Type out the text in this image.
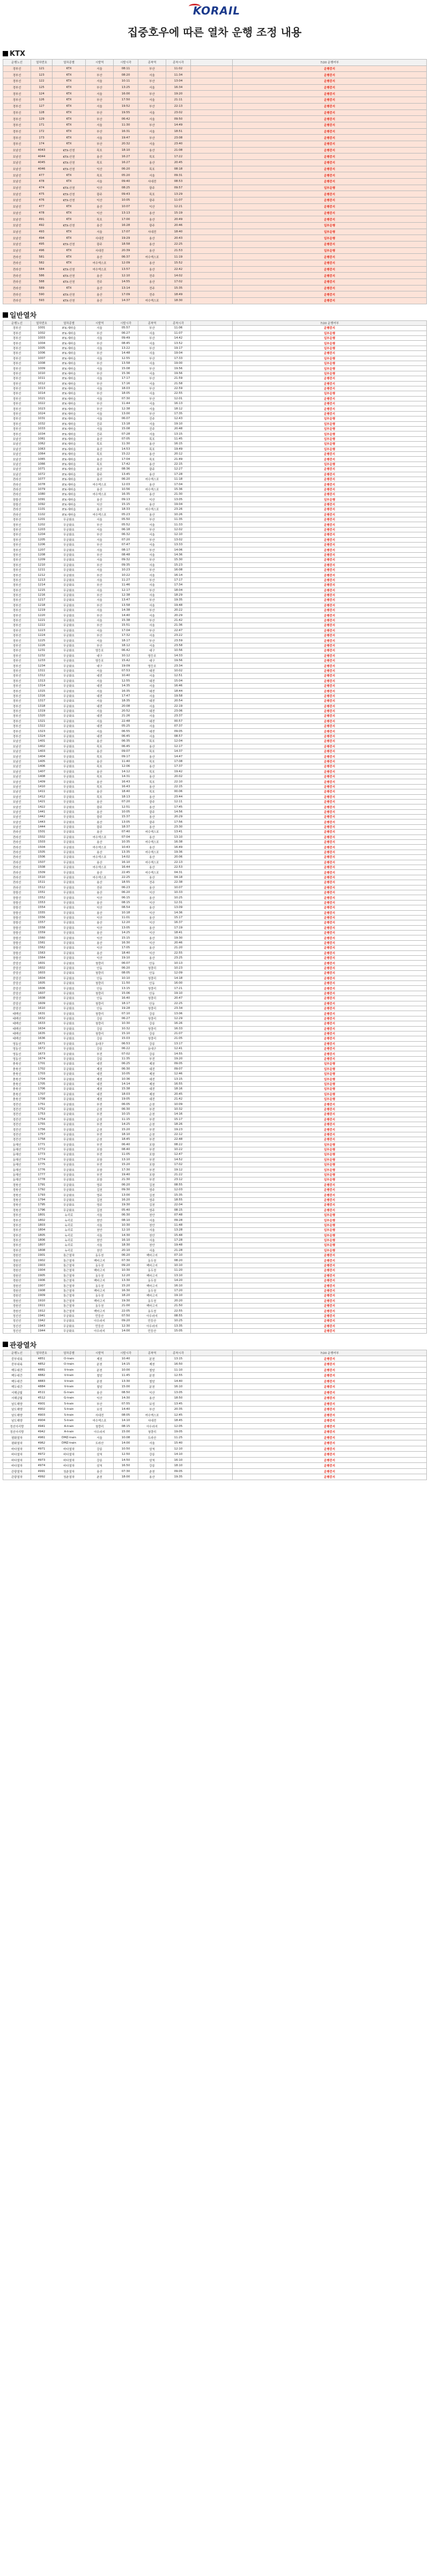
KORAIL
집중호우에 따른 열차 운행 조정 내용
KTX
운행노선	열차번호	열차종별	시발역	시발시각	종착역	종착시각		7/20 운행여부
경부선	121	KTX	서울	08:11	부산	11:02		운행중지
경부선	123	KTX	부산	08:20	서울	11:34		운행중지
경부선	122	KTX	서울	10:11	부산	13:04		운행중지
경부선	125	KTX	부산	13:25	서울	16:34		운행중지
경부선	124	KTX	서울	16:00	부산	19:20		운행중지
경부선	126	KTX	부산	17:50	서울	21:11		운행중지
경부선	127	KTX	서울	19:52	부산	22:13		운행중지
경부선	128	KTX	부산	19:55	서울	23:02		운행중지
경부선	129	KTX	부산	06:42	서울	09:50		운행중지
경부선	171	KTX	서울	11:30	부산	14:49		운행중지
경부선	172	KTX	부산	16:31	서울	18:51		운행중지
경부선	173	KTX	서울	19:47	부산	23:08		운행중지
경부선	174	KTX	부산	20:32	서울	23:40		운행중지
호남선	4043	KTX-산천	목포	18:10	용산	21:08		운행중지
호남선	4044	KTX-산천	용산	16:27	목포	17:22		운행중지
호남선	4045	KTX-산천	목포	16:27	용산	20:45		운행중지
호남선	4046	KTX-산천	익산	06:20	목포	08:18		운행중지
호남선	477	KTX	목포	05:20	서울	09:31		운행중지
호남선	478	KTX	서울	09:40	서대전	08:53		운행중지
호남선	474	KTX-산천	익산	08:25	광주	09:57		일부운행
호남선	475	KTX-산천	광주	09:43	목포	13:29		운행중지
호남선	476	KTX-산천	익산	10:05	광주	11:07		운행중지
호남선	477	KTX	용산	10:07	익산	12:21		운행중지
호남선	478	KTX	익산	13:13	용산	15:19		운행중지
호남선	491	KTX	목포	17:00	용산	20:49		운행중지
호남선	492	KTX-산천	용산	16:28	광주	20:46		일부운행
호남선	493	KTX	서울	17:07	서대전	18:40		일부운행
호남선	494	KTX	서대전	19:29	용산	20:43		일부운행
호남선	495	KTX-산천	광주	18:58	용산	22:25		운행중지
호남선	496	KTX	서대전	20:39	용산	21:53		일부운행
전라선	581	KTX	용산	06:37	여수엑스포	11:19		운행중지
전라선	582	KTX	여수엑스포	12:09	용산	15:52		운행중지
전라선	584	KTX-산천	여수엑스포	13:57	용산	22:42		운행중지
전라선	586	KTX-산천	용산	12:10	전주	14:02		운행중지
전라선	588	KTX-산천	전주	14:55	용산	17:02		운행중지
전라선	589	KTX	용산	13:14	전주	15:35		운행중지
전라선	590	KTX-산천	용산	17:09	전주	18:49		운행중지
전라선	593	KTX-산천	용산	14:37	여수엑스포	18:30		운행중지
일반열차
운행노선	열차번호	열차종별	시발역	시발시각	종착역	종착시각		7/20 운행여부
경부선	1001	ITX-새마을	서울	05:57	부산	11:06		운행중지
경부선	1002	ITX-새마을	부산	06:27	서울	11:07		일부운행
경부선	1003	ITX-새마을	서울	09:49	부산	14:42		일부운행
경부선	1004	ITX-새마을	부산	08:45	서울	13:52		일부운행
경부선	1005	ITX-새마을	서울	13:22	부산	19:17		일부운행
경부선	1006	ITX-새마을	부산	14:48	서울	19:04		운행중지
경부선	1007	ITX-새마을	서울	12:55	부산	17:33		일부운행
경부선	1008	ITX-새마을	부산	13:58	서울	19:00		일부운행
경부선	1009	ITX-새마을	서울	15:08	부산	19:56		일부운행
경부선	1010	ITX-새마을	부산	15:36	서울	19:56		일부운행
경부선	1011	ITX-새마을	서울	17:17	부산	21:59		운행중지
경부선	1012	ITX-새마을	부산	17:16	서울	21:58		운행중지
경부선	1013	ITX-새마을	서울	18:03	부산	22:59		운행중지
경부선	1014	ITX-새마을	부산	18:05	서울	22:55		일부운행
경부선	1021	ITX-새마을	서울	07:30	부산	12:01		운행중지
경부선	1022	ITX-새마을	부산	11:44	서울	16:13		운행중지
경부선	1023	ITX-새마을	부산	12:38	서울	18:12		운행중지
경부선	1024	ITX-새마을	서울	13:00	부산	17:35		운행중지
경부선	1031	ITX-새마을	서울	06:07	진주	12:43		일부운행
경부선	1032	ITX-새마을	진주	13:18	서울	19:10		일부운행
경부선	1033	ITX-새마을	서울	15:08	진주	20:48		일부운행
경부선	1034	ITX-새마을	진주	07:28	서울	13:15		일부운행
호남선	1061	ITX-새마을	용산	07:05	목포	11:45		일부운행
호남선	1062	ITX-새마을	목포	11:30	용산	16:15		일부운행
호남선	1063	ITX-새마을	용산	14:53	목포	19:49		일부운행
호남선	1064	ITX-새마을	목포	15:22	용산	20:12		운행중지
호남선	1065	ITX-새마을	용산	17:04	목포	21:49		운행중지
호남선	1066	ITX-새마을	목포	17:42	용산	22:15		일부운행
호남선	1071	ITX-새마을	용산	08:36	광주	12:27		운행중지
호남선	1072	ITX-새마을	광주	13:45	용산	17:28		운행중지
전라선	1077	ITX-새마을	용산	06:20	여수엑스포	11:18		운행중지
전라선	1078	ITX-새마을	여수엑스포	12:03	용산	17:04		운행중지
전라선	1079	ITX-새마을	용산	10:56	여수엑스포	15:36		운행중지
전라선	1080	ITX-새마을	여수엑스포	16:35	용산	21:30		운행중지
장항선	1091	ITX-새마을	용산	09:13	익산	13:05		일부운행
장항선	1092	ITX-새마을	익산	15:15	용산	19:04		운행중지
전라선	1101	ITX-새마을	용산	18:33	여수엑스포	23:26		운행중지
전라선	1102	ITX-새마을	여수엑스포	05:23	용산	10:26		운행중지
경부선	1201	무궁화호	서울	05:50	부산	11:35		운행중지
경부선	1202	무궁화호	부산	05:52	서울	11:33		운행중지
경부선	1203	무궁화호	서울	06:18	부산	12:02		운행중지
경부선	1204	무궁화호	부산	06:32	서울	12:10		운행중지
경부선	1205	무궁화호	서울	07:20	부산	13:02		운행중지
경부선	1206	무궁화호	부산	07:47	서울	13:33		운행중지
경부선	1207	무궁화호	서울	08:17	부산	14:06		운행중지
경부선	1208	무궁화호	부산	08:48	서울	14:36		운행중지
경부선	1209	무궁화호	서울	09:32	부산	15:30		운행중지
경부선	1210	무궁화호	부산	09:35	서울	15:23		운행중지
경부선	1211	무궁화호	서울	10:23	부산	16:08		운행중지
경부선	1212	무궁화호	부산	10:22	서울	16:14		운행중지
경부선	1213	무궁화호	서울	11:27	부산	17:17		운행중지
경부선	1214	무궁화호	부산	11:46	서울	17:34		운행중지
경부선	1215	무궁화호	서울	12:17	부산	18:04		운행중지
경부선	1216	무궁화호	부산	12:38	서울	18:29		운행중지
경부선	1217	무궁화호	서울	13:47	부산	19:35		운행중지
경부선	1218	무궁화호	부산	13:58	서울	19:48		운행중지
경부선	1219	무궁화호	서울	14:38	부산	20:22		운행중지
경부선	1220	무궁화호	부산	14:40	서울	20:29		운행중지
경부선	1221	무궁화호	서울	15:38	부산	21:42		운행중지
경부선	1222	무궁화호	부산	15:51	서울	21:36		운행중지
경부선	1223	무궁화호	서울	17:04	부산	22:47		운행중지
경부선	1224	무궁화호	부산	17:32	서울	23:22		운행중지
경부선	1225	무궁화호	서울	18:17	부산	23:59		운행중지
경부선	1226	무궁화호	부산	18:12	서울	23:58		운행중지
경부선	1231	무궁화호	영등포	06:42	대구	10:56		운행중지
경부선	1232	무궁화호	대구	10:12	영등포	14:33		운행중지
경부선	1233	무궁화호	영등포	15:42	대구	19:56		운행중지
경부선	1234	무궁화호	대구	19:09	영등포	23:34		운행중지
경부선	1311	무궁화호	서울	07:53	대전	10:02		운행중지
경부선	1312	무궁화호	대전	10:40	서울	12:51		운행중지
경부선	1313	무궁화호	서울	12:55	대전	15:04		운행중지
경부선	1314	무궁화호	대전	14:35	서울	16:46		운행중지
경부선	1315	무궁화호	서울	16:35	대전	18:44		운행중지
경부선	1316	무궁화호	대전	17:47	서울	19:58		운행중지
경부선	1317	무궁화호	서울	18:35	대전	20:54		운행중지
경부선	1318	무궁화호	대전	20:08	서울	22:19		운행중지
경부선	1319	무궁화호	서울	20:52	대전	23:06		운행중지
경부선	1320	무궁화호	대전	21:26	서울	23:37		운행중지
경부선	1321	무궁화호	서울	22:48	대전	00:57		운행중지
경부선	1322	무궁화호	대전	05:25	서울	07:37		운행중지
경부선	1323	무궁화호	서울	06:55	대전	09:05		운행중지
경부선	1324	무궁화호	대전	06:45	서울	08:57		운행중지
호남선	1401	무궁화호	용산	06:35	목포	12:04		운행중지
호남선	1402	무궁화호	목포	06:45	용산	12:17		운행중지
호남선	1403	무궁화호	용산	09:07	목포	14:37		운행중지
호남선	1404	무궁화호	목포	09:17	용산	14:47		운행중지
호남선	1405	무궁화호	용산	11:40	목포	17:08		운행중지
호남선	1406	무궁화호	목포	12:06	용산	17:37		운행중지
호남선	1407	무궁화호	용산	14:12	목포	19:42		운행중지
호남선	1408	무궁화호	목포	14:31	용산	20:02		운행중지
호남선	1409	무궁화호	용산	16:43	목포	22:10		운행중지
호남선	1410	무궁화호	목포	16:43	용산	22:15		운행중지
호남선	1411	무궁화호	용산	18:40	목포	00:06		운행중지
호남선	1412	무궁화호	목포	18:13	용산	23:44		운행중지
호남선	1421	무궁화호	용산	07:20	광주	12:11		운행중지
호남선	1422	무궁화호	광주	12:51	용산	17:45		운행중지
호남선	1441	무궁화호	용산	10:05	광주	14:56		운행중지
호남선	1442	무궁화호	광주	15:37	용산	20:29		운행중지
호남선	1443	무궁화호	용산	13:05	광주	17:56		운행중지
호남선	1444	무궁화호	광주	18:37	용산	23:30		운행중지
전라선	1501	무궁화호	용산	07:40	여수엑스포	13:41		운행중지
전라선	1502	무궁화호	여수엑스포	07:04	용산	13:10		운행중지
전라선	1503	무궁화호	용산	10:35	여수엑스포	16:38		운행중지
전라선	1504	무궁화호	여수엑스포	10:43	용산	16:49		운행중지
전라선	1505	무궁화호	용산	13:35	여수엑스포	19:36		운행중지
전라선	1506	무궁화호	여수엑스포	14:02	용산	20:06		운행중지
전라선	1507	무궁화호	용산	16:10	여수엑스포	22:13		운행중지
전라선	1508	무궁화호	여수엑스포	16:44	용산	22:53		운행중지
전라선	1509	무궁화호	용산	22:45	여수엑스포	04:31		운행중지
전라선	1510	무궁화호	여수엑스포	22:25	용산	04:18		운행중지
전라선	1511	무궁화호	용산	18:55	전주	22:38		운행중지
전라선	1512	무궁화호	전주	06:23	용산	10:07		운행중지
장항선	1551	무궁화호	용산	06:20	익산	10:33		운행중지
장항선	1552	무궁화호	익산	06:15	용산	10:25		운행중지
장항선	1553	무궁화호	용산	08:15	익산	12:31		운행중지
장항선	1554	무궁화호	익산	08:54	용산	13:09		운행중지
장항선	1555	무궁화호	용산	10:18	익산	14:36		운행중지
장항선	1556	무궁화호	익산	11:01	용산	15:17		운행중지
장항선	1557	무궁화호	용산	12:20	익산	16:37		운행중지
장항선	1558	무궁화호	익산	13:05	용산	17:19		운행중지
장항선	1559	무궁화호	용산	14:25	익산	18:41		운행중지
장항선	1560	무궁화호	익산	15:15	용산	19:30		운행중지
장항선	1561	무궁화호	용산	16:30	익산	20:46		운행중지
장항선	1562	무궁화호	익산	17:05	용산	21:20		운행중지
장항선	1563	무궁화호	용산	18:40	익산	22:55		운행중지
장항선	1564	무궁화호	익산	19:10	용산	23:25		운행중지
중앙선	1601	무궁화호	청량리	06:07	안동	10:13		운행중지
중앙선	1602	무궁화호	안동	06:20	청량리	10:23		운행중지
중앙선	1603	무궁화호	청량리	08:05	안동	12:09		운행중지
중앙선	1604	무궁화호	안동	10:10	청량리	14:18		운행중지
중앙선	1605	무궁화호	청량리	11:50	안동	16:00		운행중지
중앙선	1606	무궁화호	안동	13:15	청량리	17:21		운행중지
중앙선	1607	무궁화호	청량리	15:06	안동	19:10		운행중지
중앙선	1608	무궁화호	안동	16:40	청량리	20:47		운행중지
중앙선	1609	무궁화호	청량리	18:17	안동	22:25		운행중지
중앙선	1610	무궁화호	안동	19:28	청량리	23:34		운행중지
태백선	1631	무궁화호	청량리	07:10	강릉	13:06		운행중지
태백선	1632	무궁화호	강릉	06:27	청량리	12:29		운행중지
태백선	1633	무궁화호	청량리	10:30	강릉	16:26		운행중지
태백선	1634	무궁화호	강릉	10:32	청량리	16:33		운행중지
태백선	1635	무궁화호	청량리	15:10	강릉	21:07		운행중지
태백선	1636	무궁화호	강릉	15:03	청량리	21:05		운행중지
영동선	1671	무궁화호	동대구	06:53	강릉	13:17		운행중지
영동선	1672	무궁화호	강릉	06:22	동대구	12:41		운행중지
영동선	1673	무궁화호	부전	07:02	강릉	14:55		운행중지
영동선	1674	무궁화호	강릉	11:35	부전	19:20		운행중지
충북선	1701	무궁화호	대전	06:25	제천	09:05		일부운행
충북선	1702	무궁화호	제천	06:30	대전	09:07		일부운행
충북선	1703	무궁화호	대전	10:05	제천	12:46		일부운행
충북선	1704	무궁화호	제천	10:36	대전	13:15		일부운행
충북선	1705	무궁화호	대전	14:14	제천	16:55		일부운행
충북선	1706	무궁화호	제천	15:38	대전	18:16		일부운행
충북선	1707	무궁화호	대전	18:03	제천	20:45		일부운행
충북선	1708	무궁화호	제천	19:05	대전	21:42		일부운행
경전선	1751	무궁화호	부전	06:05	순천	10:09		운행중지
경전선	1752	무궁화호	순천	06:30	부전	10:32		운행중지
경전선	1753	무궁화호	부전	10:15	순천	14:16		운행중지
경전선	1754	무궁화호	순천	11:15	부전	15:17		운행중지
경전선	1755	무궁화호	부전	14:25	순천	18:26		운행중지
경전선	1756	무궁화호	순천	15:20	부전	19:23		운행중지
경전선	1757	무궁화호	부전	18:10	순천	22:12		운행중지
경전선	1758	무궁화호	순천	18:45	부전	22:48		운행중지
동해선	1771	무궁화호	부전	06:40	포항	08:22		일부운행
동해선	1772	무궁화호	포항	08:40	부전	10:22		일부운행
동해선	1773	무궁화호	부전	11:05	포항	12:47		일부운행
동해선	1774	무궁화호	포항	13:10	부전	14:52		일부운행
동해선	1775	무궁화호	부전	15:20	포항	17:02		일부운행
동해선	1776	무궁화호	포항	17:30	부전	19:12		일부운행
동해선	1777	무궁화호	부전	19:40	포항	21:22		일부운행
동해선	1778	무궁화호	포항	21:30	부전	23:12		일부운행
경북선	1791	무궁화호	영주	06:20	김천	08:55		운행중지
경북선	1792	무궁화호	김천	09:30	영주	12:03		운행중지
경북선	1793	무궁화호	영주	13:00	김천	15:35		운행중지
경북선	1794	무궁화호	김천	16:20	영주	18:55		운행중지
경북선	1795	무궁화호	영주	19:30	김천	22:04		운행중지
경북선	1796	무궁화호	김천	05:40	영주	08:15		운행중지
경부선	1801	누리로	서울	06:30	천안	07:48		일부운행
경부선	1802	누리로	천안	08:10	서울	09:28		일부운행
경부선	1803	누리로	서울	10:30	천안	11:48		일부운행
경부선	1804	누리로	천안	12:10	서울	13:28		일부운행
경부선	1805	누리로	서울	14:30	천안	15:48		일부운행
경부선	1806	누리로	천안	16:10	서울	17:28		일부운행
경부선	1807	누리로	서울	18:30	천안	19:48		일부운행
경부선	1808	누리로	천안	20:10	서울	21:28		일부운행
경원선	1901	통근열차	동두천	06:20	백마고지	07:10		운행중지
경원선	1902	통근열차	백마고지	07:30	동두천	08:20		운행중지
경원선	1903	통근열차	동두천	09:20	백마고지	10:10		운행중지
경원선	1904	통근열차	백마고지	10:30	동두천	11:20		운행중지
경원선	1905	통근열차	동두천	12:20	백마고지	13:10		운행중지
경원선	1906	통근열차	백마고지	13:30	동두천	14:20		운행중지
경원선	1907	통근열차	동두천	15:20	백마고지	16:10		운행중지
경원선	1908	통근열차	백마고지	16:30	동두천	17:20		운행중지
경원선	1909	통근열차	동두천	18:20	백마고지	19:10		운행중지
경원선	1910	통근열차	백마고지	19:30	동두천	20:20		운행중지
경원선	1911	통근열차	동두천	21:00	백마고지	21:50		운행중지
경원선	1912	통근열차	백마고지	22:05	동두천	22:55		운행중지
정선선	1941	무궁화호	민둥산	07:50	아우라지	08:55		운행중지
정선선	1942	무궁화호	아우라지	09:20	민둥산	10:25		운행중지
정선선	1943	무궁화호	민둥산	12:30	아우라지	13:35		운행중지
정선선	1944	무궁화호	아우라지	14:00	민둥산	15:05		운행중지
관광열차
운행노선	열차번호	열차종별	시발역	시발시각	종착역	종착시각		7/20 운행여부
중부내륙	4851	O-train	제천	10:40	분천	13:15		운행중지
중부내륙	4852	O-train	분천	14:15	제천	16:50		운행중지
백두대간	4881	V-train	분천	10:00	철암	11:10		운행중지
백두대간	4882	V-train	철암	11:45	분천	12:55		운행중지
백두대간	4883	V-train	분천	13:30	철암	14:40		운행중지
백두대간	4884	V-train	철암	15:00	분천	16:10		운행중지
서해금빛	4511	G-train	용산	08:50	익산	13:05		운행중지
서해금빛	4512	G-train	익산	14:30	용산	18:50		운행중지
남도해양	4901	S-train	부산	07:55	보성	13:45		운행중지
남도해양	4902	S-train	보성	14:40	부산	20:35		운행중지
남도해양	4903	S-train	서대전	08:05	여수엑스포	12:45		운행중지
남도해양	4904	S-train	여수엑스포	14:10	서대전	18:45		운행중지
정선아리랑	4941	A-train	청량리	08:15	아우라지	12:05		운행중지
정선아리랑	4942	A-train	아우라지	15:00	청량리	19:05		운행중지
평화열차	4961	DMZ-train	서울	10:08	도라산	11:25		운행중지
평화열차	4962	DMZ-train	도라산	14:00	서울	15:40		운행중지
바다열차	4971	바다열차	강릉	10:50	삼척	12:10		운행중지
바다열차	4972	바다열차	삼척	12:50	강릉	14:10		운행중지
바다열차	4973	바다열차	강릉	14:50	삼척	16:10		운행중지
바다열차	4974	바다열차	삼척	16:50	강릉	18:10		운행중지
관광열차	4991	청춘열차	용산	07:30	춘천	09:05		운행중지
관광열차	4992	청춘열차	춘천	18:00	용산	19:35		운행중지
